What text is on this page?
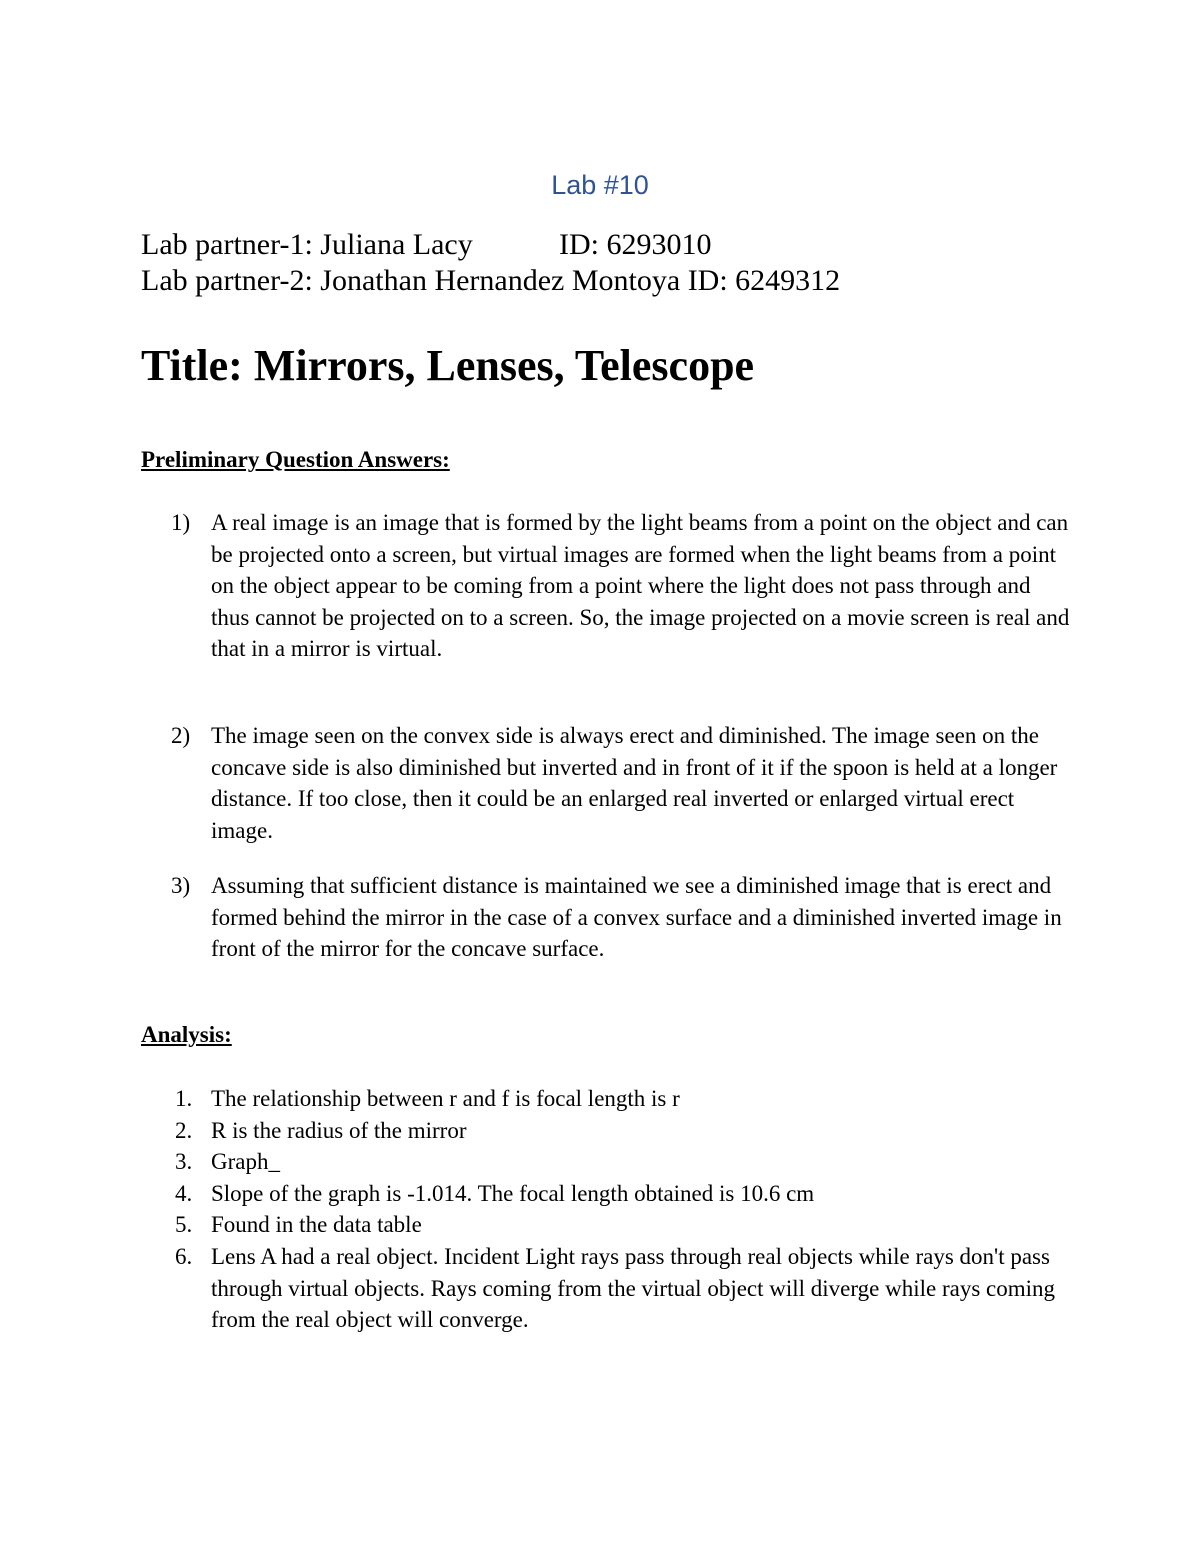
Lab #10
Lab partner-1: Juliana Lacy	ID: 6293010
Lab partner-2: Jonathan Hernandez Montoya ID: 6249312
Title: Mirrors, Lenses, Telescope
Preliminary Question Answers:
1) A real image is an image that is formed by the light beams from a point on the object and can be projected onto a screen, but virtual images are formed when the light beams from a point on the object appear to be coming from a point where the light does not pass through and thus cannot be projected on to a screen. So, the image projected on a movie screen is real and that in a mirror is virtual.
2) The image seen on the convex side is always erect and diminished. The image seen on the concave side is also diminished but inverted and in front of it if the spoon is held at a longer distance. If too close, then it could be an enlarged real inverted or enlarged virtual erect image.
3) Assuming that sufficient distance is maintained we see a diminished image that is erect and formed behind the mirror in the case of a convex surface and a diminished inverted image in front of the mirror for the concave surface.
Analysis:
1. The relationship between r and f is focal length is r
2. R is the radius of the mirror
3. Graph_
4. Slope of the graph is -1.014. The focal length obtained is 10.6 cm
5. Found in the data table
6. Lens A had a real object. Incident Light rays pass through real objects while rays don't pass through virtual objects. Rays coming from the virtual object will diverge while rays coming from the real object will converge.
